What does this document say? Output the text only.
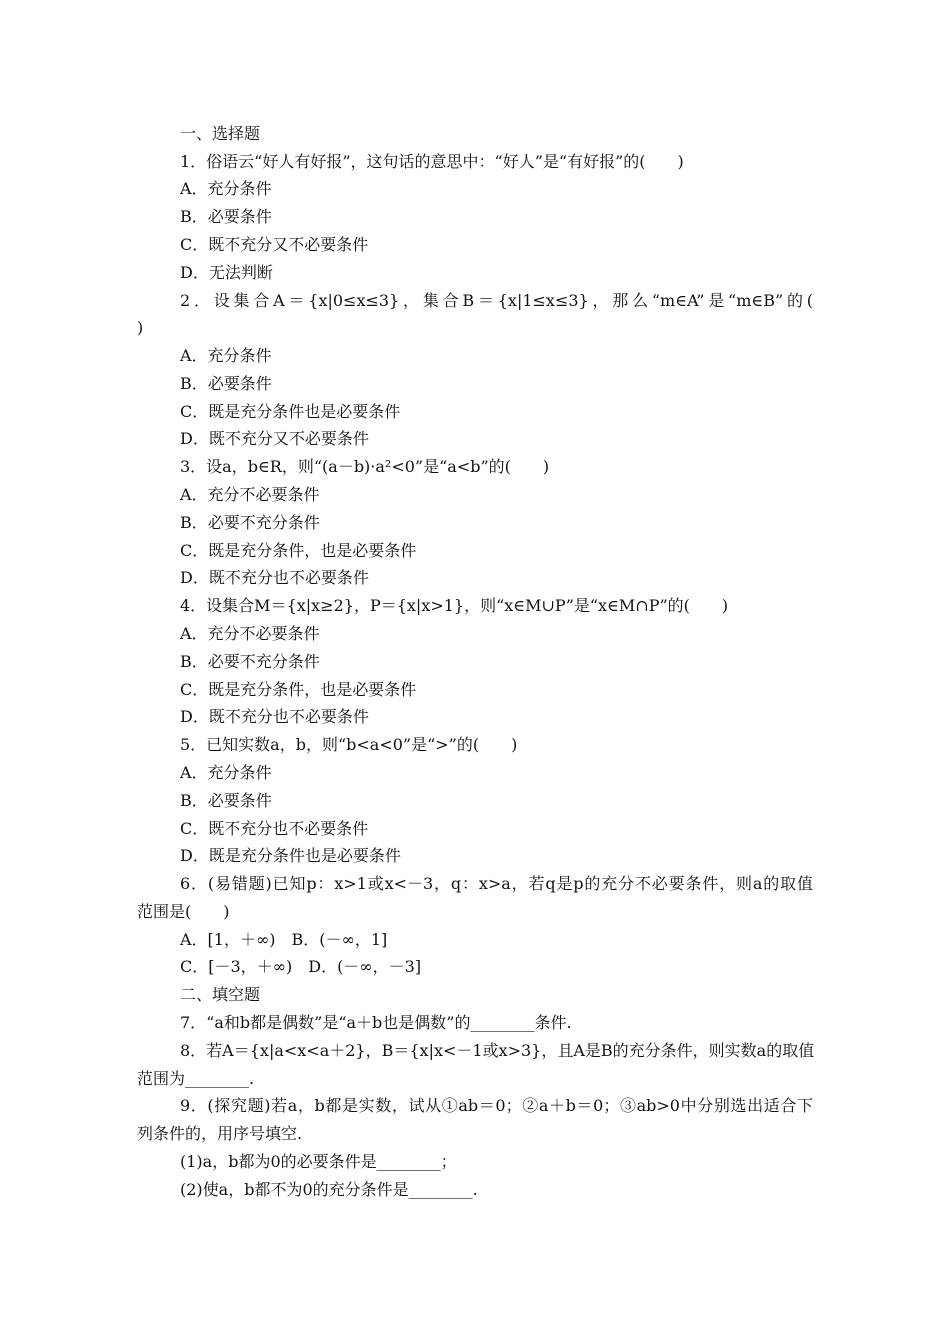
一、选择题
1．俗语云“好人有好报”，这句话的意思中：“好人”是“有好报”的(　　)
A．充分条件
B．必要条件
C．既不充分又不必要条件
D．无法判断
2．设集合A＝{x|0≤x≤3}，集合B＝{x|1≤x≤3}，那么“m∈A”是“m∈B”的(
)
A．充分条件
B．必要条件
C．既是充分条件也是必要条件
D．既不充分又不必要条件
3．设a，b∈R，则“(a－b)·a²<0”是“a<b”的(　　)
A．充分不必要条件
B．必要不充分条件
C．既是充分条件，也是必要条件
D．既不充分也不必要条件
4．设集合M＝{x|x≥2}，P＝{x|x>1}，则“x∈M∪P”是“x∈M∩P”的(　　)
A．充分不必要条件
B．必要不充分条件
C．既是充分条件，也是必要条件
D．既不充分也不必要条件
5．已知实数a，b，则“b<a<0”是“>”的(　　)
A．充分条件
B．必要条件
C．既不充分也不必要条件
D．既是充分条件也是必要条件
6．(易错题)已知p：x>1或x<－3，q：x>a，若q是p的充分不必要条件，则a的取值
范围是(　　)
A．[1，＋∞)　B．(－∞，1]
C．[－3，＋∞)　D．(－∞，－3]
二、填空题
7．“a和b都是偶数”是“a＋b也是偶数”的________条件.
8．若A＝{x|a<x<a＋2}，B＝{x|x<－1或x>3}，且A是B的充分条件，则实数a的取值
范围为________.
9．(探究题)若a，b都是实数，试从①ab＝0；②a＋b＝0；③ab>0中分别选出适合下
列条件的，用序号填空.
(1)a，b都为0的必要条件是________；
(2)使a，b都不为0的充分条件是________.
